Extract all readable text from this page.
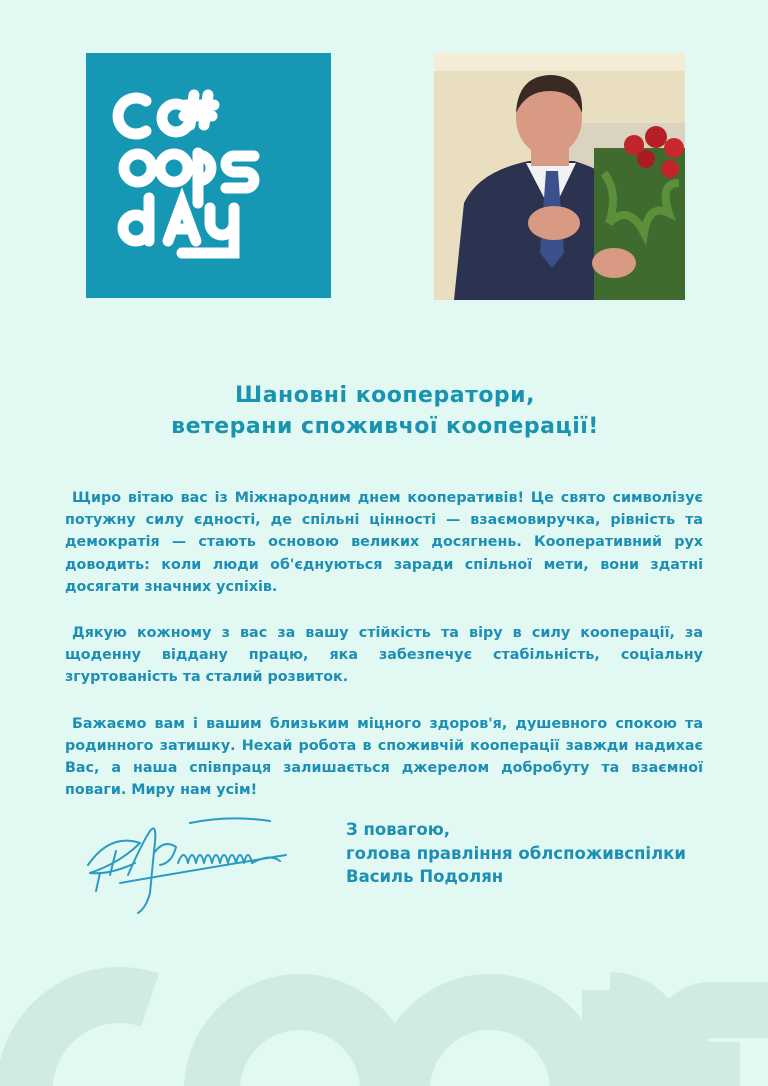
Шановні кооператори,
ветерани споживчої кооперації!

Щиро вітаю вас із Міжнародним днем кооперативів! Це свято символізує потужну силу єдності, де спільні цінності — взаємовиручка, рівність та демократія — стають основою великих досягнень. Кооперативний рух доводить: коли люди об'єднуються заради спільної мети, вони здатні досягати значних успіхів.

Дякую кожному з вас за вашу стійкість та віру в силу кооперації, за щоденну віддану працю, яка забезпечує стабільність, соціальну згуртованість та сталий розвиток.

Бажаємо вам і вашим близьким міцного здоров'я, душевного спокою та родинного затишку. Нехай робота в споживчій кооперації завжди надихає Вас, а наша співпраця залишається джерелом добробуту та взаємної поваги. Миру нам усім!

З повагою,
голова правління облспоживспілки
Василь Подолян
